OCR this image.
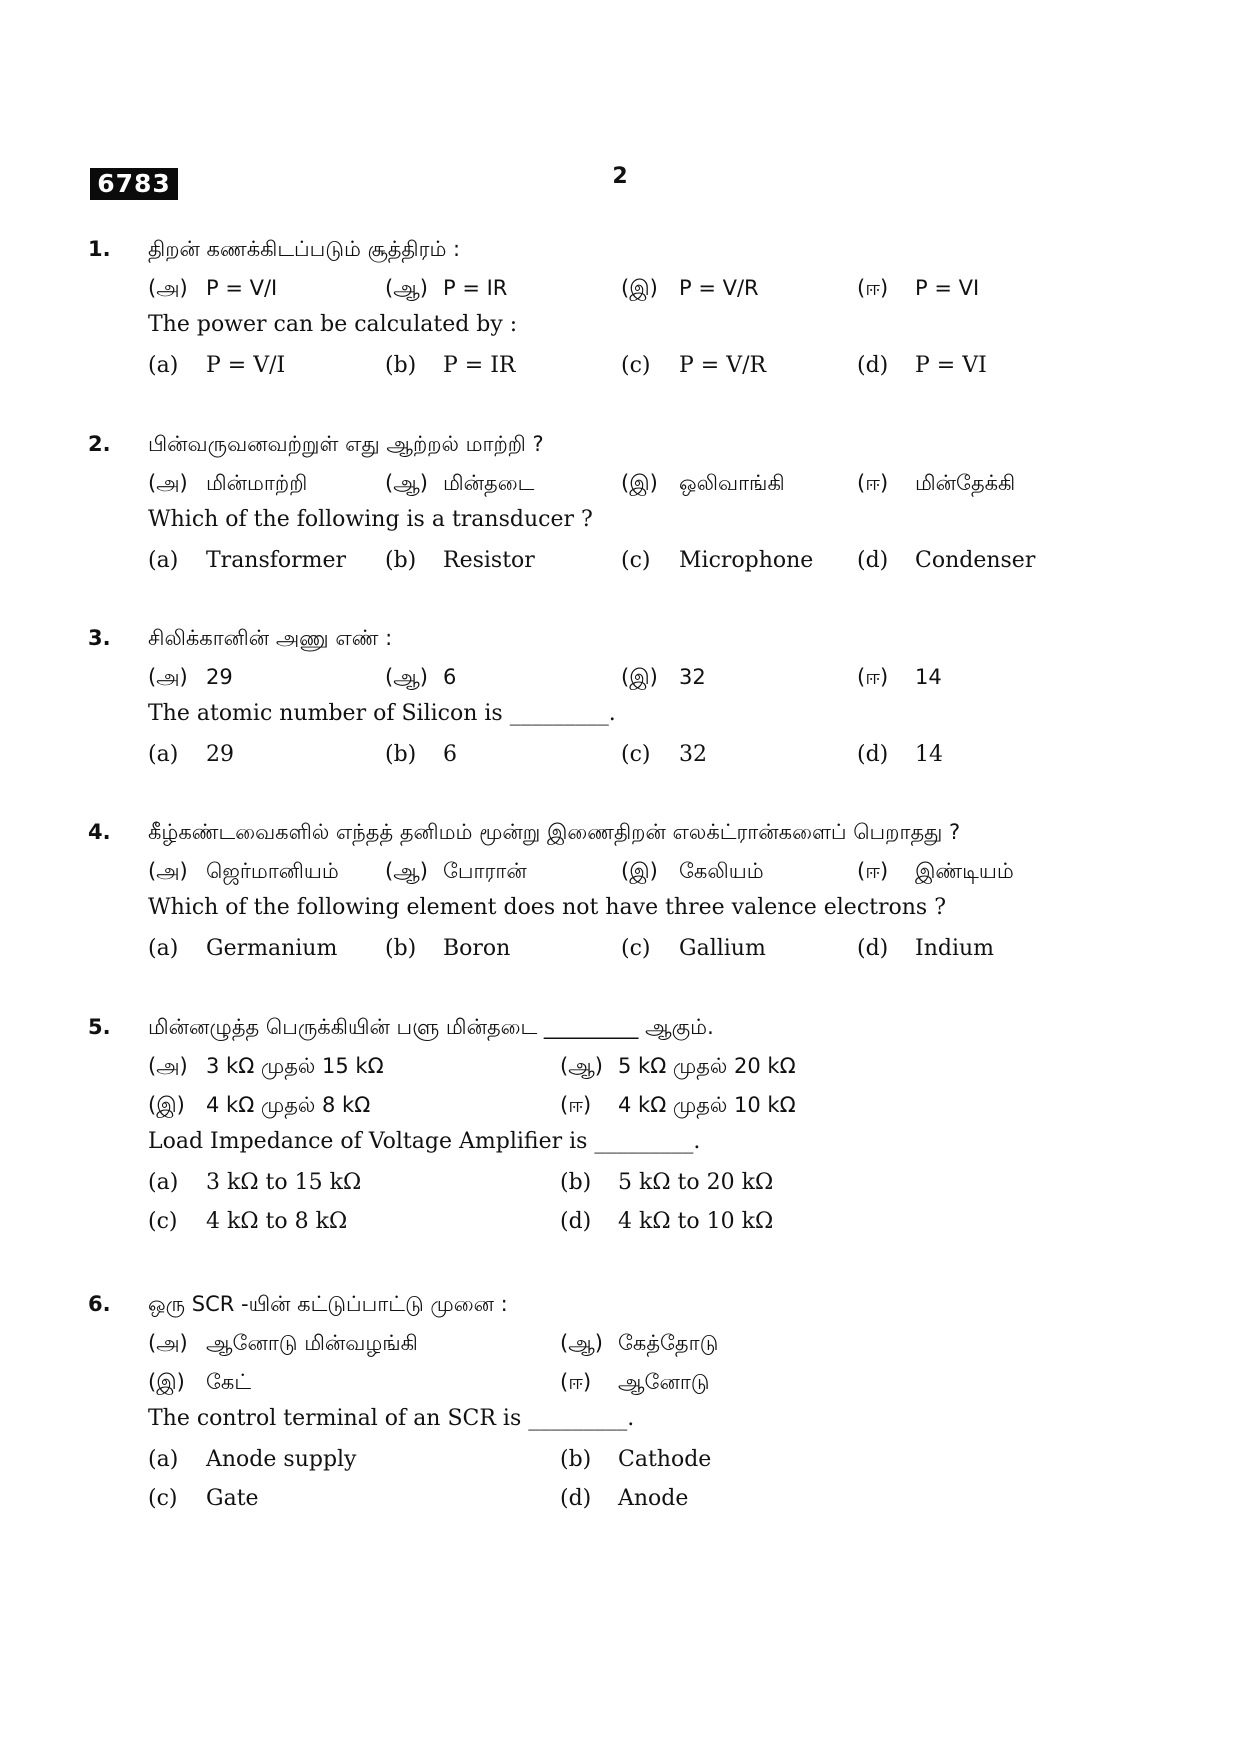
6783	2
1. திறன் கணக்கிடப்படும் சூத்திரம் :
(அ) P = V/I	(ஆ) P = IR	(இ) P = V/R	(ஈ) P = VI
The power can be calculated by :
(a) P = V/I	(b) P = IR	(c) P = V/R	(d) P = VI
2. பின்வருவனவற்றுள் எது ஆற்றல் மாற்றி ?
(அ) மின்மாற்றி	(ஆ) மின்தடை	(இ) ஒலிவாங்கி	(ஈ) மின்தேக்கி
Which of the following is a transducer ?
(a) Transformer (b) Resistor	(c) Microphone (d) Condenser
3. சிலிக்கானின் அணு எண் :
(அ) 29	(ஆ) 6	(இ) 32	(ஈ) 14
The atomic number of Silicon is _________.
(a) 29	(b) 6	(c) 32	(d) 14
4. கீழ்கண்டவைகளில் எந்தத் தனிமம் மூன்று இணைதிறன் எலக்ட்ரான்களைப் பெறாதது ?
(அ) ஜெர்மானியம் (ஆ) போரான்	(இ) கேலியம்	(ஈ) இண்டியம்
Which of the following element does not have three valence electrons ?
(a) Germanium (b) Boron	(c) Gallium	(d) Indium
5. மின்னழுத்த பெருக்கியின் பளு மின்தடை _________ ஆகும்.
(அ) 3 kΩ முதல் 15 kΩ	(ஆ) 5 kΩ முதல் 20 kΩ
(இ) 4 kΩ முதல் 8 kΩ	(ஈ) 4 kΩ முதல் 10 kΩ
Load Impedance of Voltage Amplifier is _________.
(a) 3 kΩ to 15 kΩ	(b) 5 kΩ to 20 kΩ
(c) 4 kΩ to 8 kΩ	(d) 4 kΩ to 10 kΩ
6. ஒரு SCR -யின் கட்டுப்பாட்டு முனை :
(அ) ஆனோடு மின்வழங்கி	(ஆ) கேத்தோடு
(இ) கேட்	(ஈ) ஆனோடு
The control terminal of an SCR is _________.
(a) Anode supply	(b) Cathode
(c) Gate	(d) Anode
